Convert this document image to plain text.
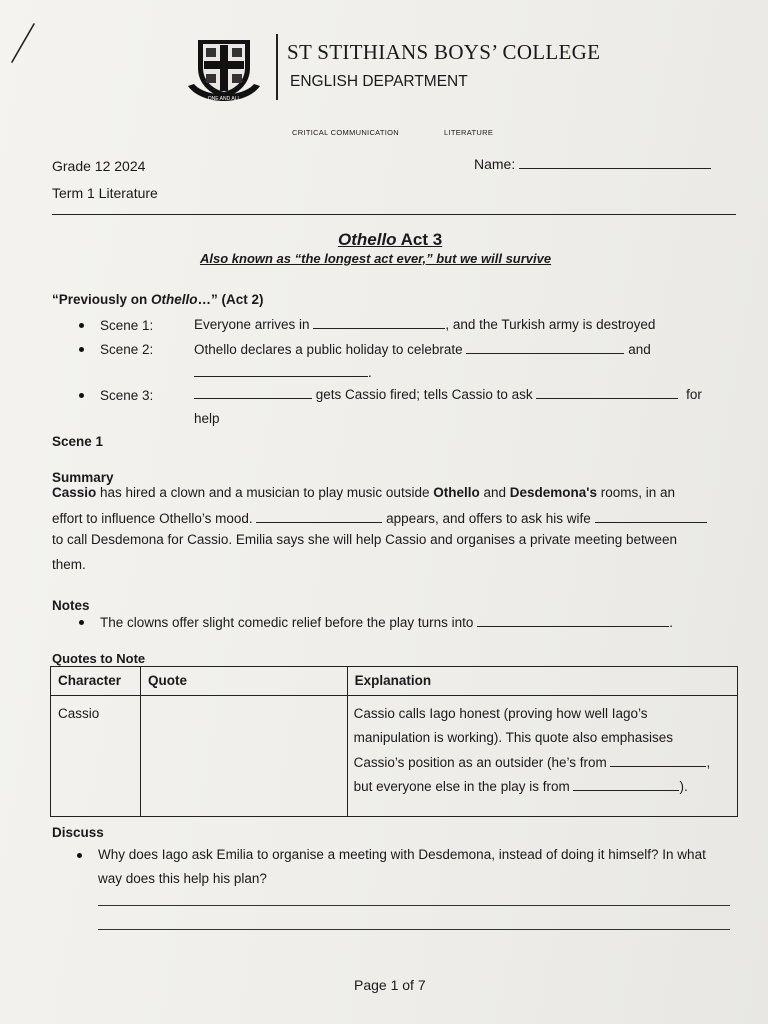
ONE AND ALL
ST STITHIANS BOYS’ COLLEGE
ENGLISH DEPARTMENT
CRITICAL COMMUNICATION	LITERATURE
Grade 12 2024
Term 1 Literature
Name:
Othello Act 3
Also known as “the longest act ever,” but we will survive
“Previously on Othello…” (Act 2)
Scene 1:	Everyone arrives in	, and the Turkish army is destroyed
Scene 2:	Othello declares a public holiday to celebrate	and
.
Scene 3:	gets Cassio fired; tells Cassio to ask	for
help
Scene 1
Summary
Cassio has hired a clown and a musician to play music outside Othello and Desdemona's rooms, in an
effort to influence Othello’s mood.	appears, and offers to ask his wife
to call Desdemona for Cassio. Emilia says she will help Cassio and organises a private meeting between
them.
Notes
The clowns offer slight comedic relief before the play turns into	.
Quotes to Note
Character	Quote	Explanation
Cassio		Cassio calls Iago honest (proving how well Iago’s
manipulation is working). This quote also emphasises
Cassio’s position as an outsider (he’s from ,
but everyone else in the play is from ).
Discuss
Why does Iago ask Emilia to organise a meeting with Desdemona, instead of doing it himself? In what
way does this help his plan?
Page 1 of 7
